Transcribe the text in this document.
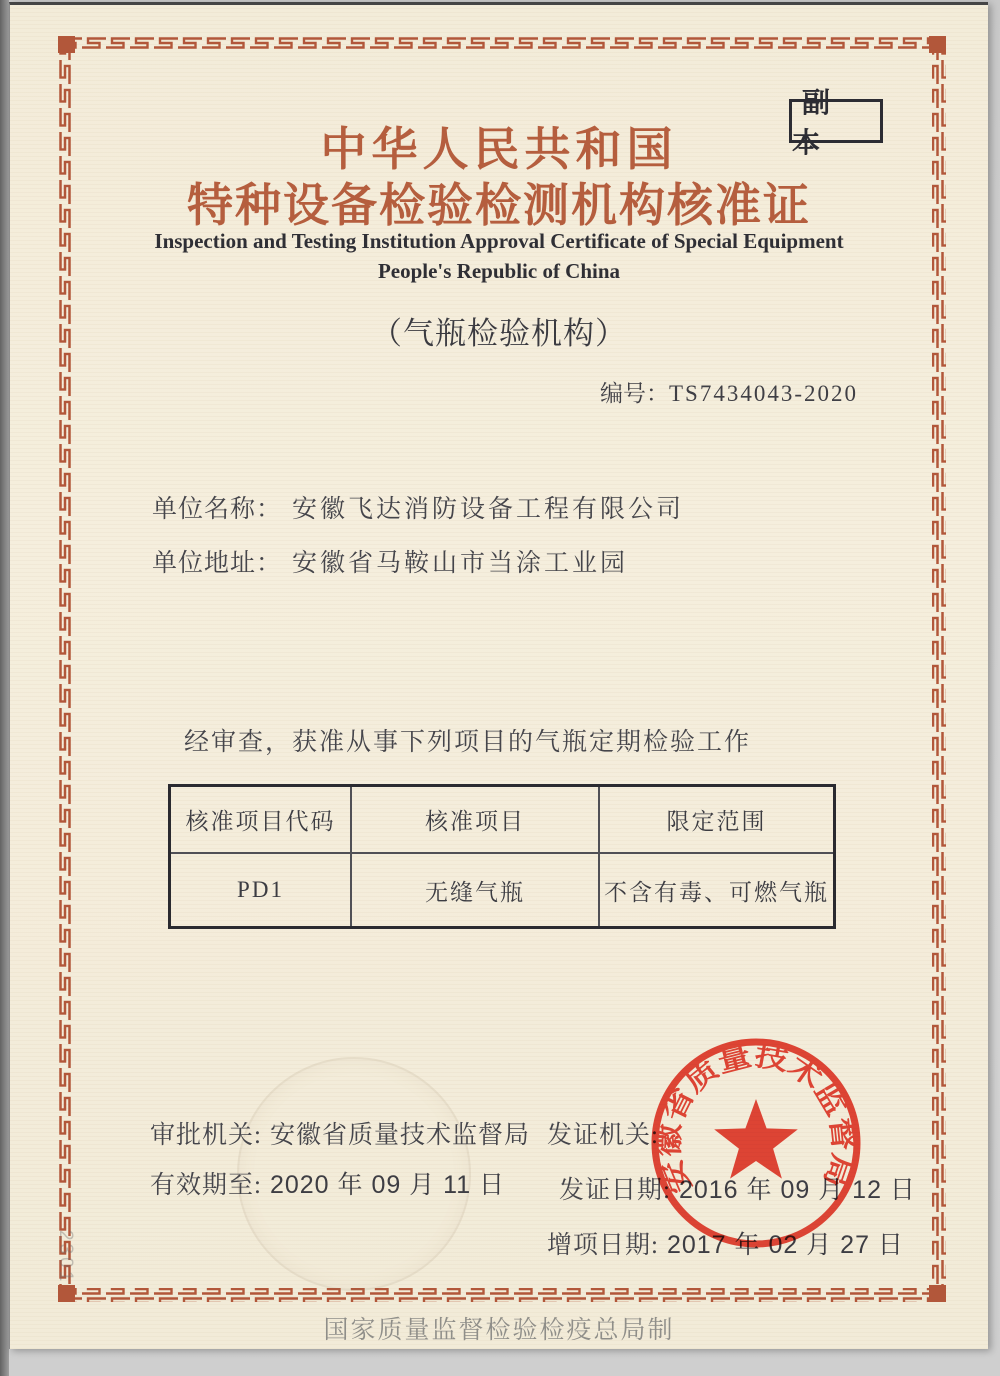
副 本
中华人民共和国
特种设备检验检测机构核准证
Inspection and Testing Institution Approval Certificate of Special Equipment
People's Republic of China
（气瓶检验机构）
编号：TS7434043-2020
单位名称： 安徽飞达消防设备工程有限公司
单位地址： 安徽省马鞍山市当涂工业园
经审查，获准从事下列项目的气瓶定期检验工作
核准项目代码	核准项目	限定范围
PD1	无缝气瓶	不含有毒、可燃气瓶
审批机关: 安徽省质量技术监督局
有效期至: 2020 年 09 月 11 日
发证机关:
发证日期: 2016 年 09 月 12 日
增项日期: 2017 年 02 月 27 日
安徽省质量技术监督局
国家质量监督检验检疫总局制
2301
